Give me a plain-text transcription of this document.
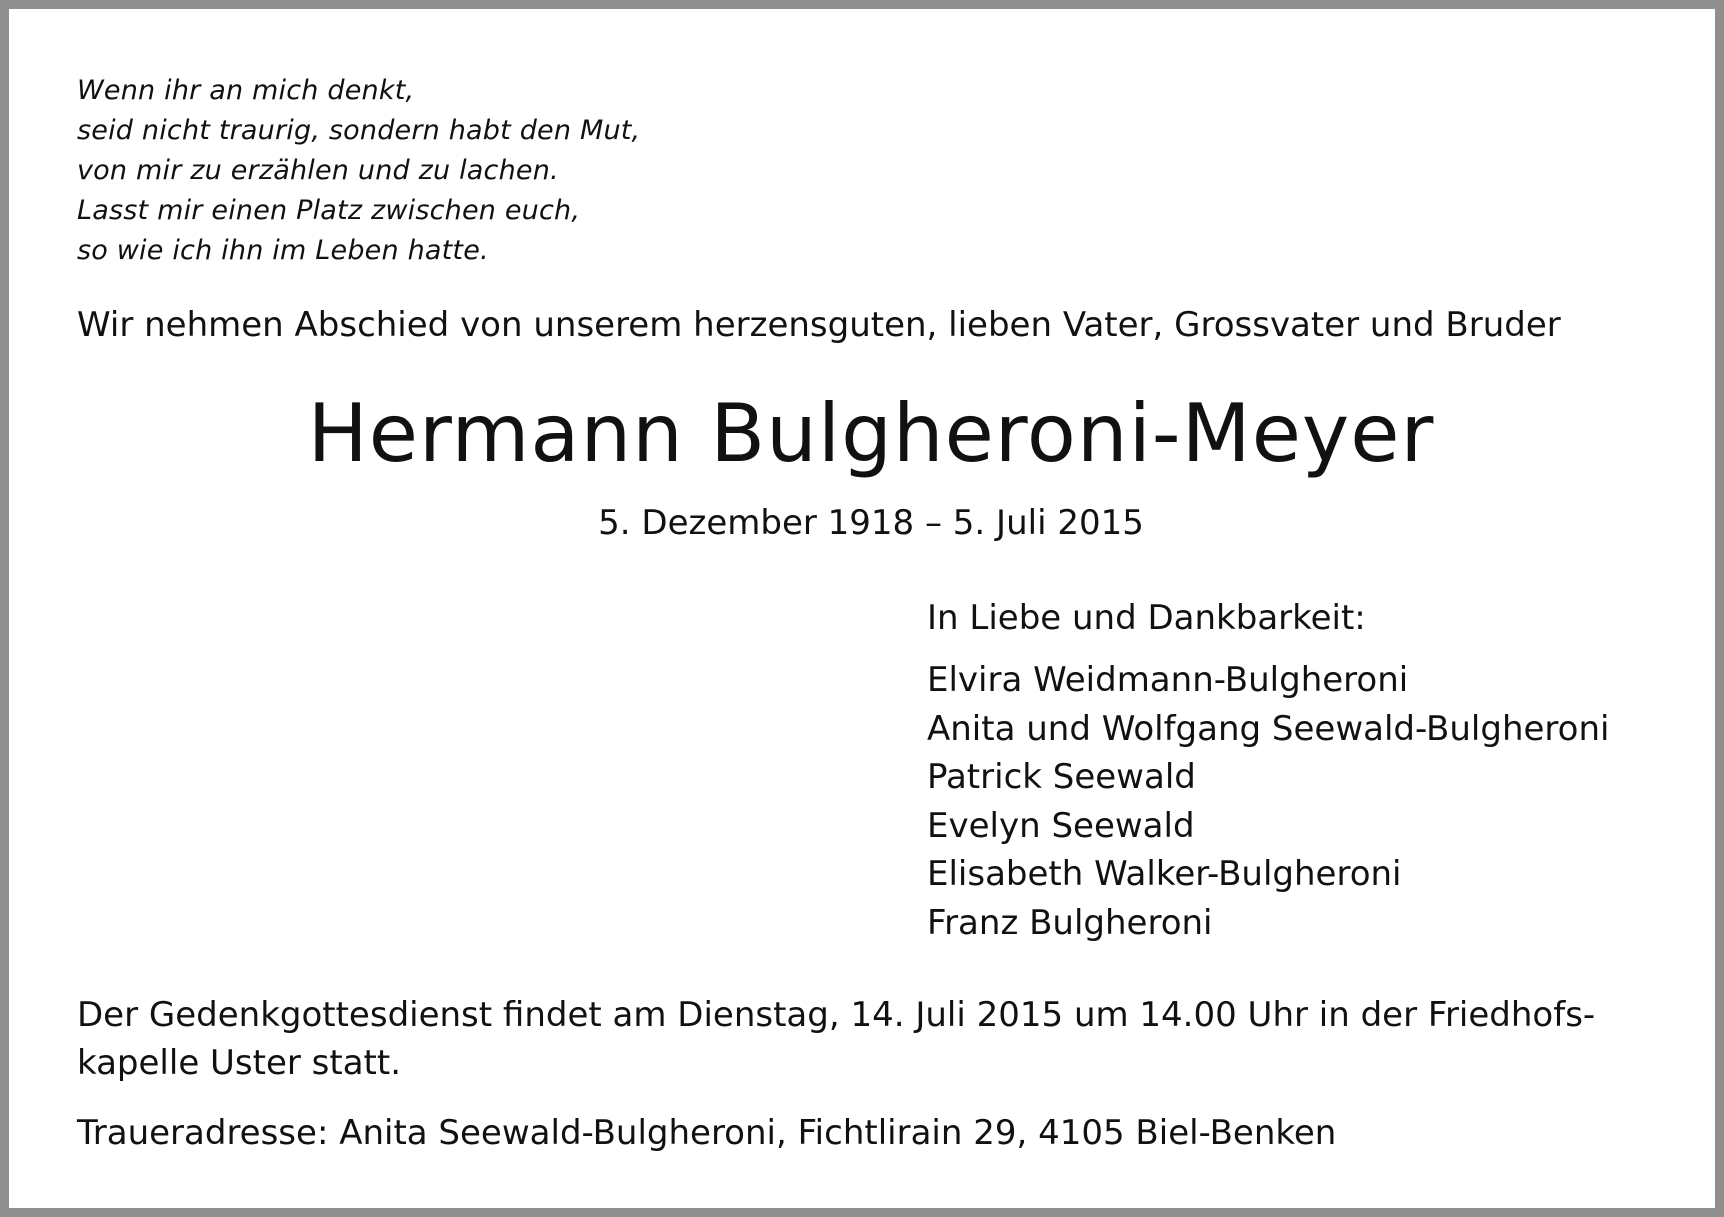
Wenn ihr an mich denkt,
seid nicht traurig, sondern habt den Mut,
von mir zu erzählen und zu lachen.
Lasst mir einen Platz zwischen euch,
so wie ich ihn im Leben hatte.
Wir nehmen Abschied von unserem herzensguten, lieben Vater, Grossvater und Bruder
Hermann Bulgheroni-Meyer
5. Dezember 1918 – 5. Juli 2015
In Liebe und Dankbarkeit:
Elvira Weidmann-Bulgheroni
Anita und Wolfgang Seewald-Bulgheroni
Patrick Seewald
Evelyn Seewald
Elisabeth Walker-Bulgheroni
Franz Bulgheroni
Der Gedenkgottesdienst findet am Dienstag, 14. Juli 2015 um 14.00 Uhr in der Friedhofs-
kapelle Uster statt.
Traueradresse: Anita Seewald-Bulgheroni, Fichtlirain 29, 4105 Biel-Benken
